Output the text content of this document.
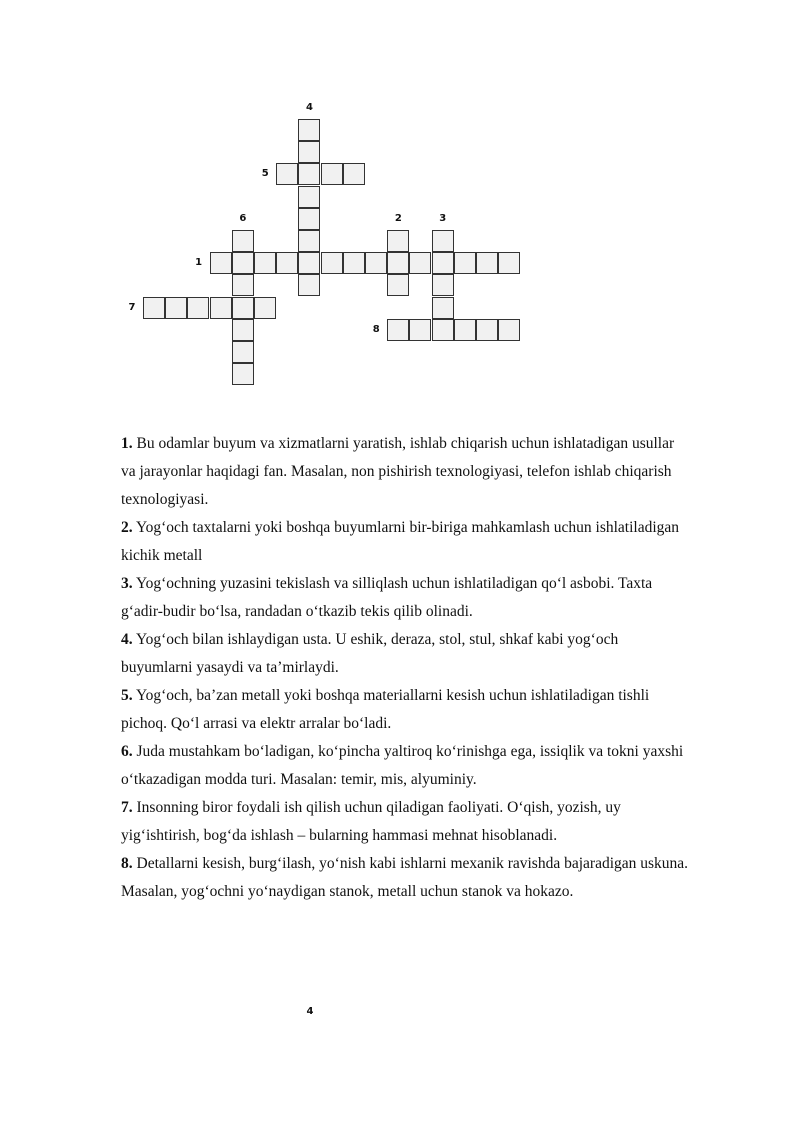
1
2	3
4
5
6
7
8

1. Bu odamlar buyum va xizmatlarni yaratish, ishlab chiqarish uchun ishlatadigan usullar va jarayonlar haqidagi fan. Masalan, non pishirish texnologiyasi, telefon ishlab chiqarish texnologiyasi.

2. Yog‘och taxtalarni yoki boshqa buyumlarni bir-biriga mahkamlash uchun ishlatiladigan kichik metall

3. Yog‘ochning yuzasini tekislash va silliqlash uchun ishlatiladigan qo‘l asbobi. Taxta g‘adir-budir bo‘lsa, randadan o‘tkazib tekis qilib olinadi.

4. Yog‘och bilan ishlaydigan usta. U eshik, deraza, stol, stul, shkaf kabi yog‘och buyumlarni yasaydi va ta’mirlaydi.

5. Yog‘och, ba’zan metall yoki boshqa materiallarni kesish uchun ishlatiladigan tishli pichoq. Qo‘l arrasi va elektr arralar bo‘ladi.

6. Juda mustahkam bo‘ladigan, ko‘pincha yaltiroq ko‘rinishga ega, issiqlik va tokni yaxshi o‘tkazadigan modda turi. Masalan: temir, mis, alyuminiy.

7. Insonning biror foydali ish qilish uchun qiladigan faoliyati. O‘qish, yozish, uy yig‘ishtirish, bog‘da ishlash – bularning hammasi mehnat hisoblanadi.

8. Detallarni kesish, burg‘ilash, yo‘nish kabi ishlarni mexanik ravishda bajaradigan uskuna. Masalan, yog‘ochni yo‘naydigan stanok, metall uchun stanok va hokazo.

4
